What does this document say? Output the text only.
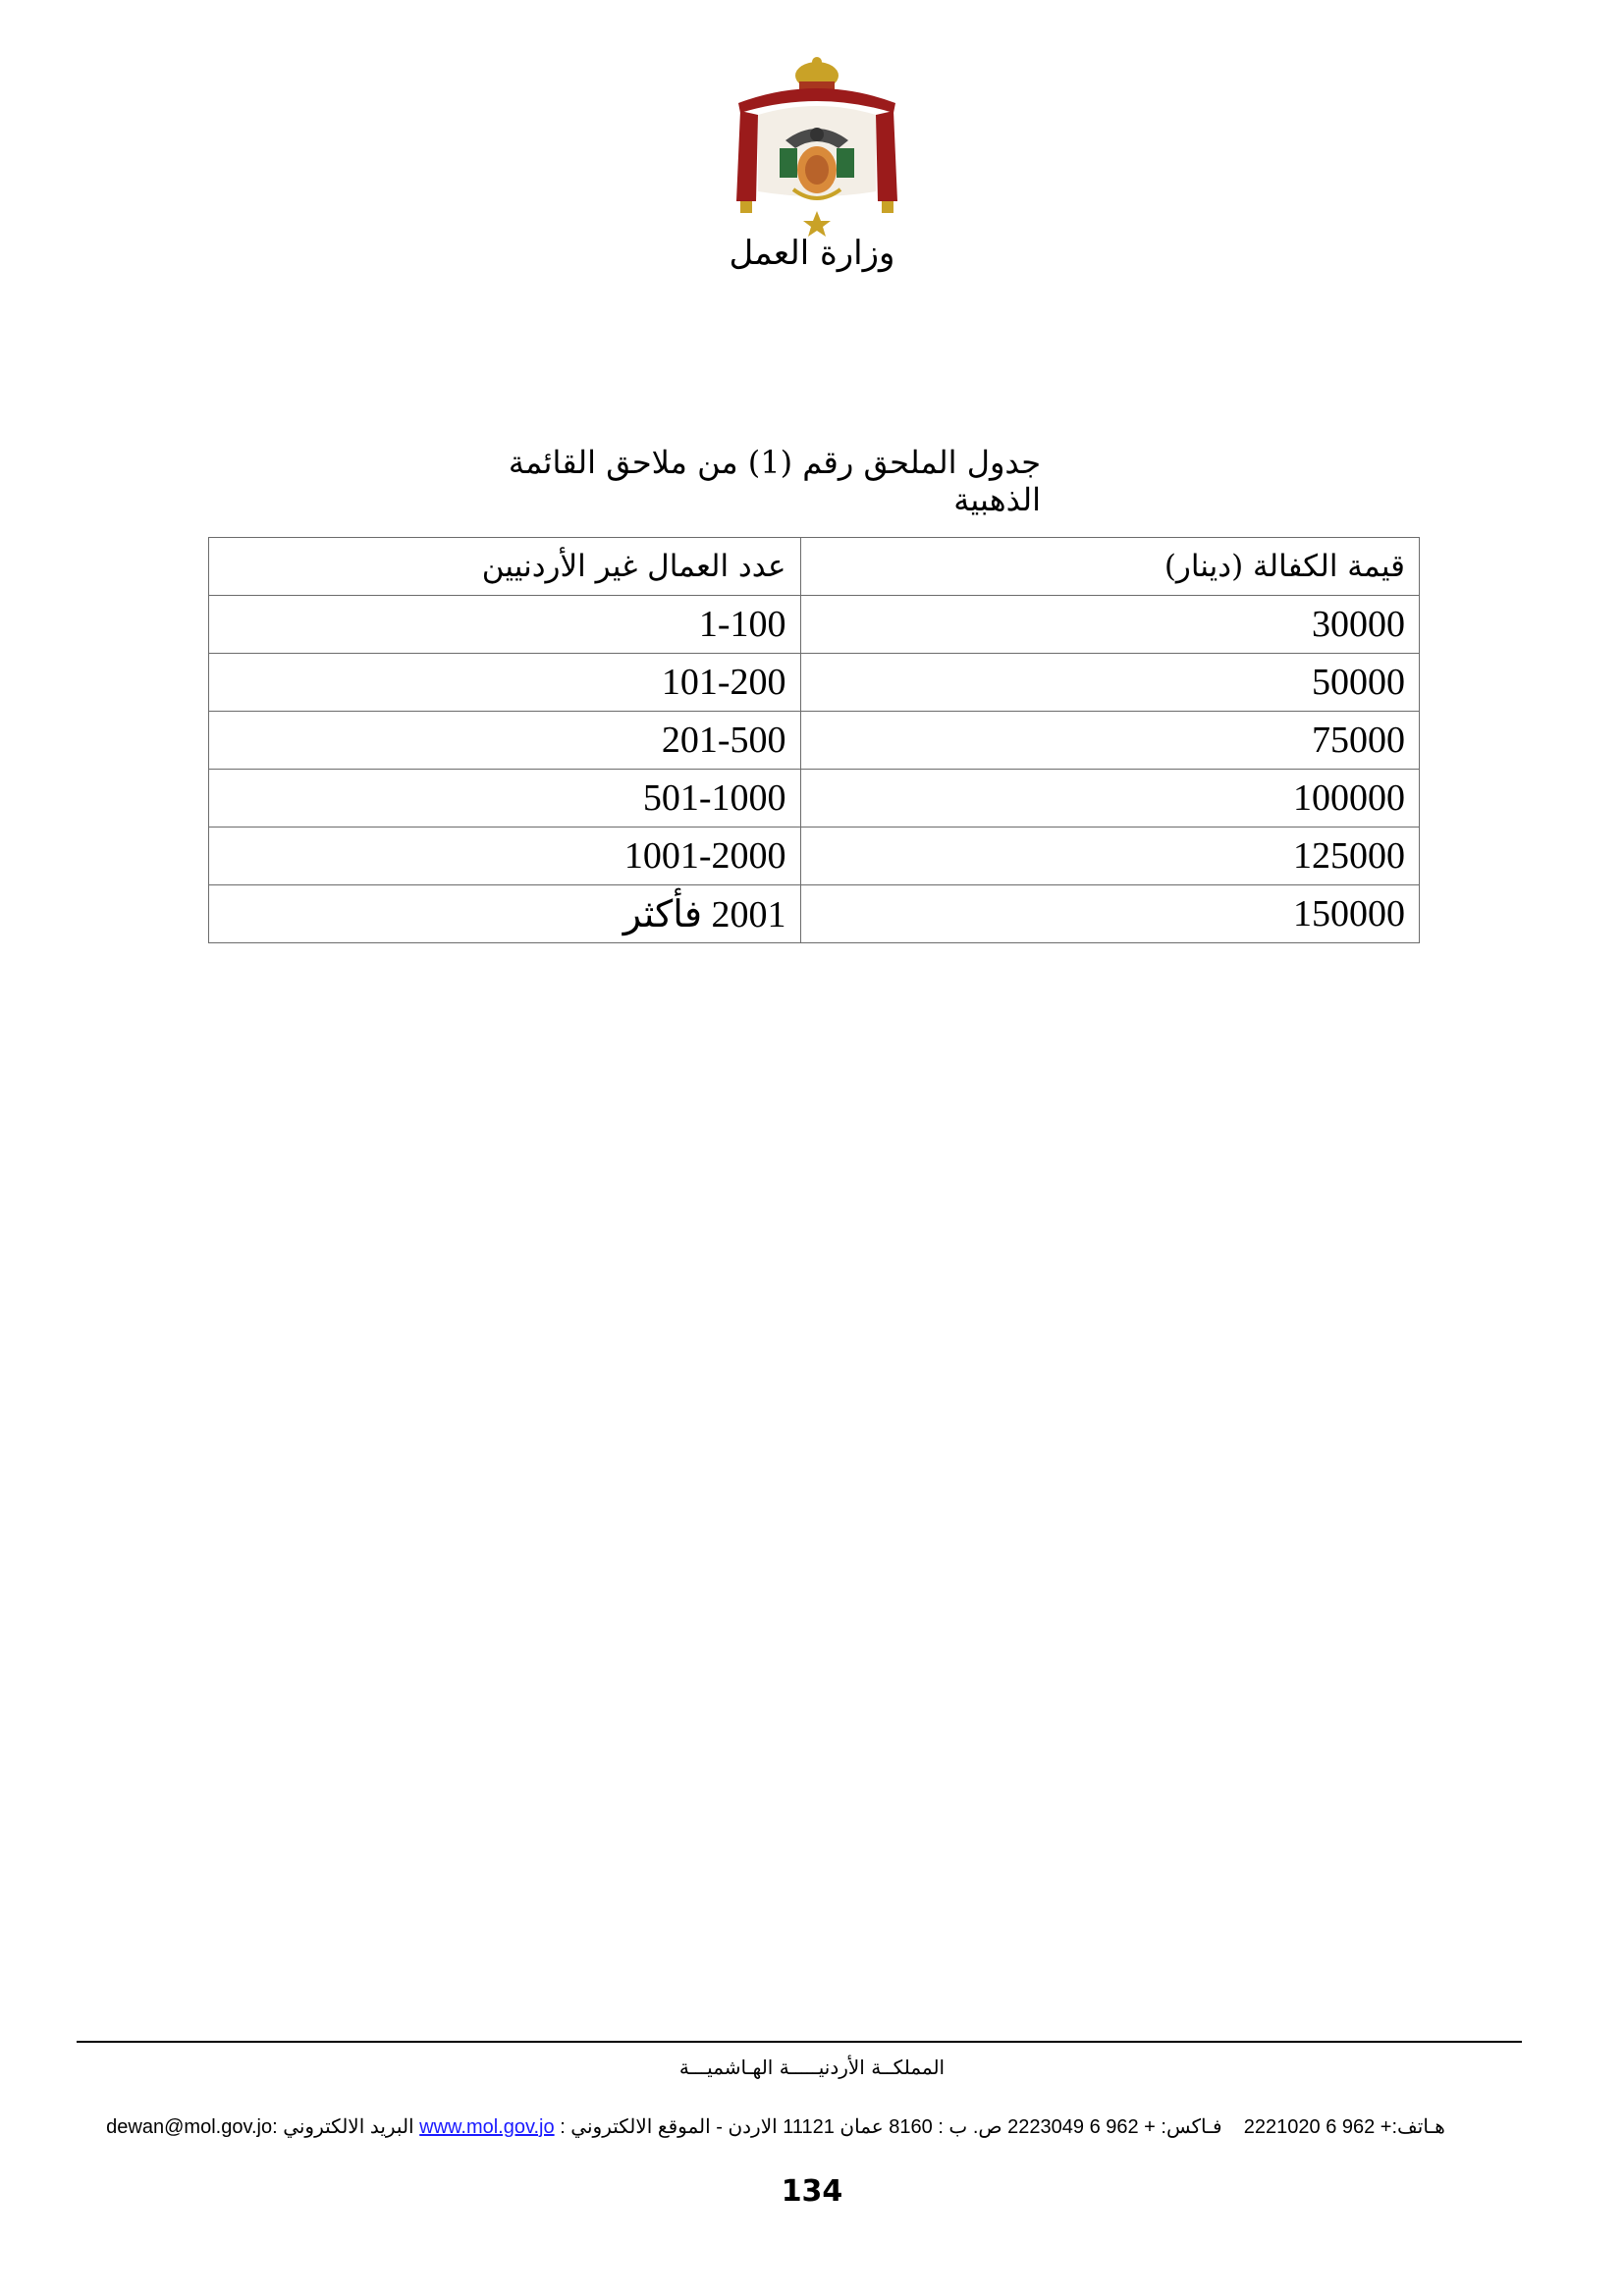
وزارة العمل
جدول الملحق رقم (1) من ملاحق القائمة الذهبية
قيمة الكفالة (دينار)	عدد العمال غير الأردنيين
30000	1-100
50000	101-200
75000	201-500
100000	501-1000
125000	1001-2000
150000	2001 فأكثر
المملكــة الأردنيـــــة الهـاشميـــة
هـاتف:+ 962 6 2221020    فـاكس: + 962 6 2223049 ص. ب : 8160 عمان 11121 الاردن - الموقع الالكتروني : www.mol.gov.jo البريد الالكتروني :dewan@mol.gov.jo
134
